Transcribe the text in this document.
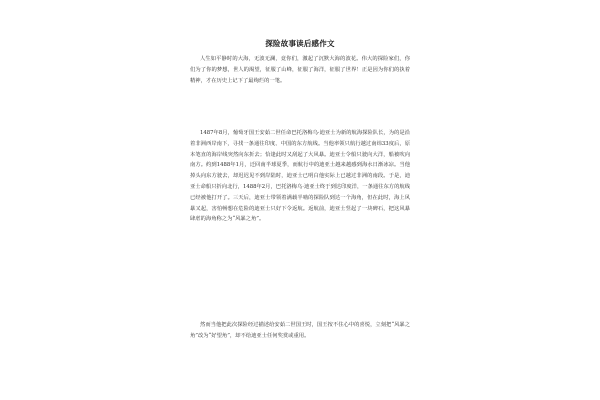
探险故事读后感作文

人生如平静时的大海，无波无澜，竟你们，激起了沉默大海的波花。伟大的探险家们，你们为了你的梦想，世人的渴望，征服了山峰，征服了海洋，征服了世界！正是因为你们的执着精神，才在历史上记下了最绚烂的一笔。

1487年8月，葡萄牙国王安茹二世任命巴托洛梅乌·迪亚士为新的航海探险队长，为的是沿着非洲西岸南下，寻找一条通往印度、中国的东方航线。当他率领只航行越过南纬33度后，原本笔直的海岸线突然向东折去；恰逢此时又刮起了大风暴。迪亚士令船只驶向大洋，船被吹向南方。约到1488年1月，迁回南半球夏季，而航行中的迪亚士越来越感到海水日渐冰凉。当他掉头向东方驶去，却迟迟见不到岸陆时，迪亚士已明白他实际上已越过非洲的南段。于是，迪亚士命船只折向北行，1488年2月，巴托洛梅乌·迪亚士终于到达印度洋，一条通往东方的航线已经被他打开了。三天后，迪亚士带领着满载半啮的探险队到达一个海角，但在此时，海上风暴又起，害怕畅想在危险的迪亚士只好下令返航。返航前，迪亚士竖起了一块碑石，把这风暴肆虐的海角称之为“风暴之角”。

然而当他把此次探险经过描述给安茹二世国王时，国王按不住心中的喜悦，立刻把“风暴之角”改为“好望角”，却不给迪亚士任何奖赏或重用。
